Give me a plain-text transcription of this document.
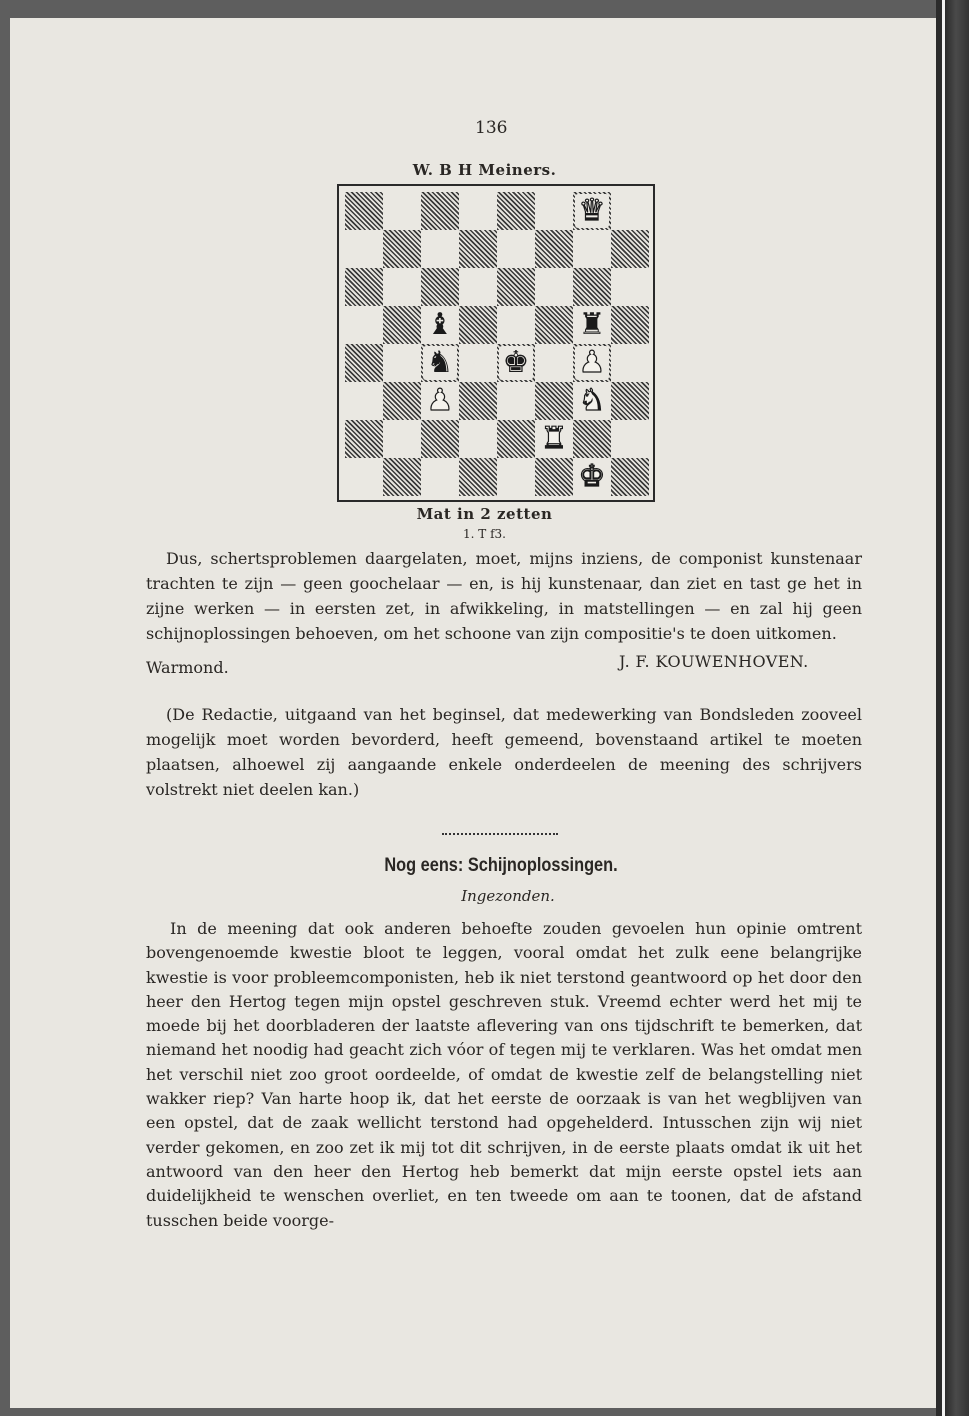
136
W. B H Meiners.
♛
♝	♜
♞ ♚ ♟
♟	♞
♜
♚
Mat in 2 zetten
1. T f3.
Dus, schertsproblemen daargelaten, moet, mijns inziens, de componist kunstenaar trachten te zijn — geen goochelaar — en, is hij kunstenaar, dan ziet en tast ge het in zijne werken — in eersten zet, in afwikkeling, in matstellingen — en zal hij geen schijnoplossingen behoeven, om het schoone van zijn compositie's te doen uitkomen.
Warmond.	J. F. KOUWENHOVEN.
(De Redactie, uitgaand van het beginsel, dat medewerking van Bondsleden zooveel mogelijk moet worden bevorderd, heeft gemeend, bovenstaand artikel te moeten plaatsen, alhoewel zij aangaande enkele onderdeelen de meening des schrijvers volstrekt niet deelen kan.)
Nog eens: Schijnoplossingen.
Ingezonden.
In de meening dat ook anderen behoefte zouden gevoelen hun opinie omtrent bovengenoemde kwestie bloot te leggen, vooral omdat het zulk eene belangrijke kwestie is voor probleemcomponisten, heb ik niet terstond geantwoord op het door den heer den Hertog tegen mijn opstel geschreven stuk. Vreemd echter werd het mij te moede bij het doorbladeren der laatste aflevering van ons tijdschrift te bemerken, dat niemand het noodig had geacht zich vóor of tegen mij te verklaren. Was het omdat men het verschil niet zoo groot oordeelde, of omdat de kwestie zelf de belangstelling niet wakker riep? Van harte hoop ik, dat het eerste de oorzaak is van het wegblijven van een opstel, dat de zaak wellicht terstond had opgehelderd. Intusschen zijn wij niet verder gekomen, en zoo zet ik mij tot dit schrijven, in de eerste plaats omdat ik uit het antwoord van den heer den Hertog heb bemerkt dat mijn eerste opstel iets aan duidelijkheid te wenschen overliet, en ten tweede om aan te toonen, dat de afstand tusschen beide voorge-
